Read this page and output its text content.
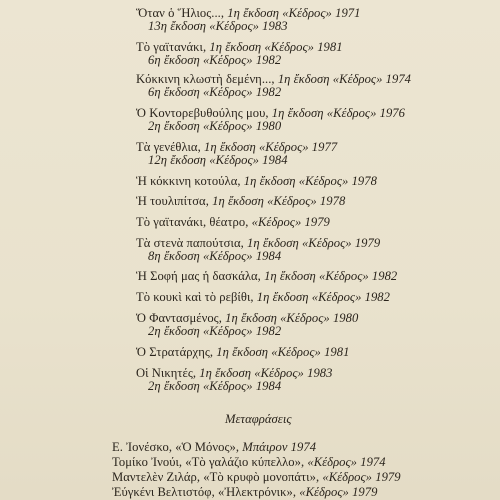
Ὅταν ὁ Ἥλιος..., 1η ἔκδοση «Κέδρος» 1971
13η ἔκδοση «Κέδρος» 1983
Τὸ γαϊτανάκι, 1η ἔκδοση «Κέδρος» 1981
6η ἔκδοση «Κέδρος» 1982
Κόκκινη κλωστὴ δεμένη..., 1η ἔκδοση «Κέδρος» 1974
6η ἔκδοση «Κέδρος» 1982
Ὁ Κοντορεβυθούλης μου, 1η ἔκδοση «Κέδρος» 1976
2η ἔκδοση «Κέδρος» 1980
Τὰ γενέθλια, 1η ἔκδοση «Κέδρος» 1977
12η ἔκδοση «Κέδρος» 1984
Ἡ κόκκινη κοτούλα, 1η ἔκδοση «Κέδρος» 1978
Ἡ τουλιπίτσα, 1η ἔκδοση «Κέδρος» 1978
Τὸ γαϊτανάκι, θέατρο, «Κέδρος» 1979
Τὰ στενὰ παπούτσια, 1η ἔκδοση «Κέδρος» 1979
8η ἔκδοση «Κέδρος» 1984
Ἡ Σοφή μας ἡ δασκάλα, 1η ἔκδοση «Κέδρος» 1982
Τὸ κουκὶ καὶ τὸ ρεβίθι, 1η ἔκδοση «Κέδρος» 1982
Ὁ Φαντασμένος, 1η ἔκδοση «Κέδρος» 1980
2η ἔκδοση «Κέδρος» 1982
Ὁ Στρατάρχης, 1η ἔκδοση «Κέδρος» 1981
Οἱ Νικητές, 1η ἔκδοση «Κέδρος» 1983
2η ἔκδοση «Κέδρος» 1984
Μεταφράσεις
Ε. Ἰονέσκο, «Ὁ Μόνος», Μπάιρον 1974
Τομίκο Ἰνούι, «Τὸ γαλάζιο κύπελλο», «Κέδρος» 1974
Μαντελὲν Ζιλάρ, «Τὸ κρυφὸ μονοπάτι», «Κέδρος» 1979
Ἐύγκένι Βελτιστόφ, «Ἠλεκτρόνικ», «Κέδρος» 1979
